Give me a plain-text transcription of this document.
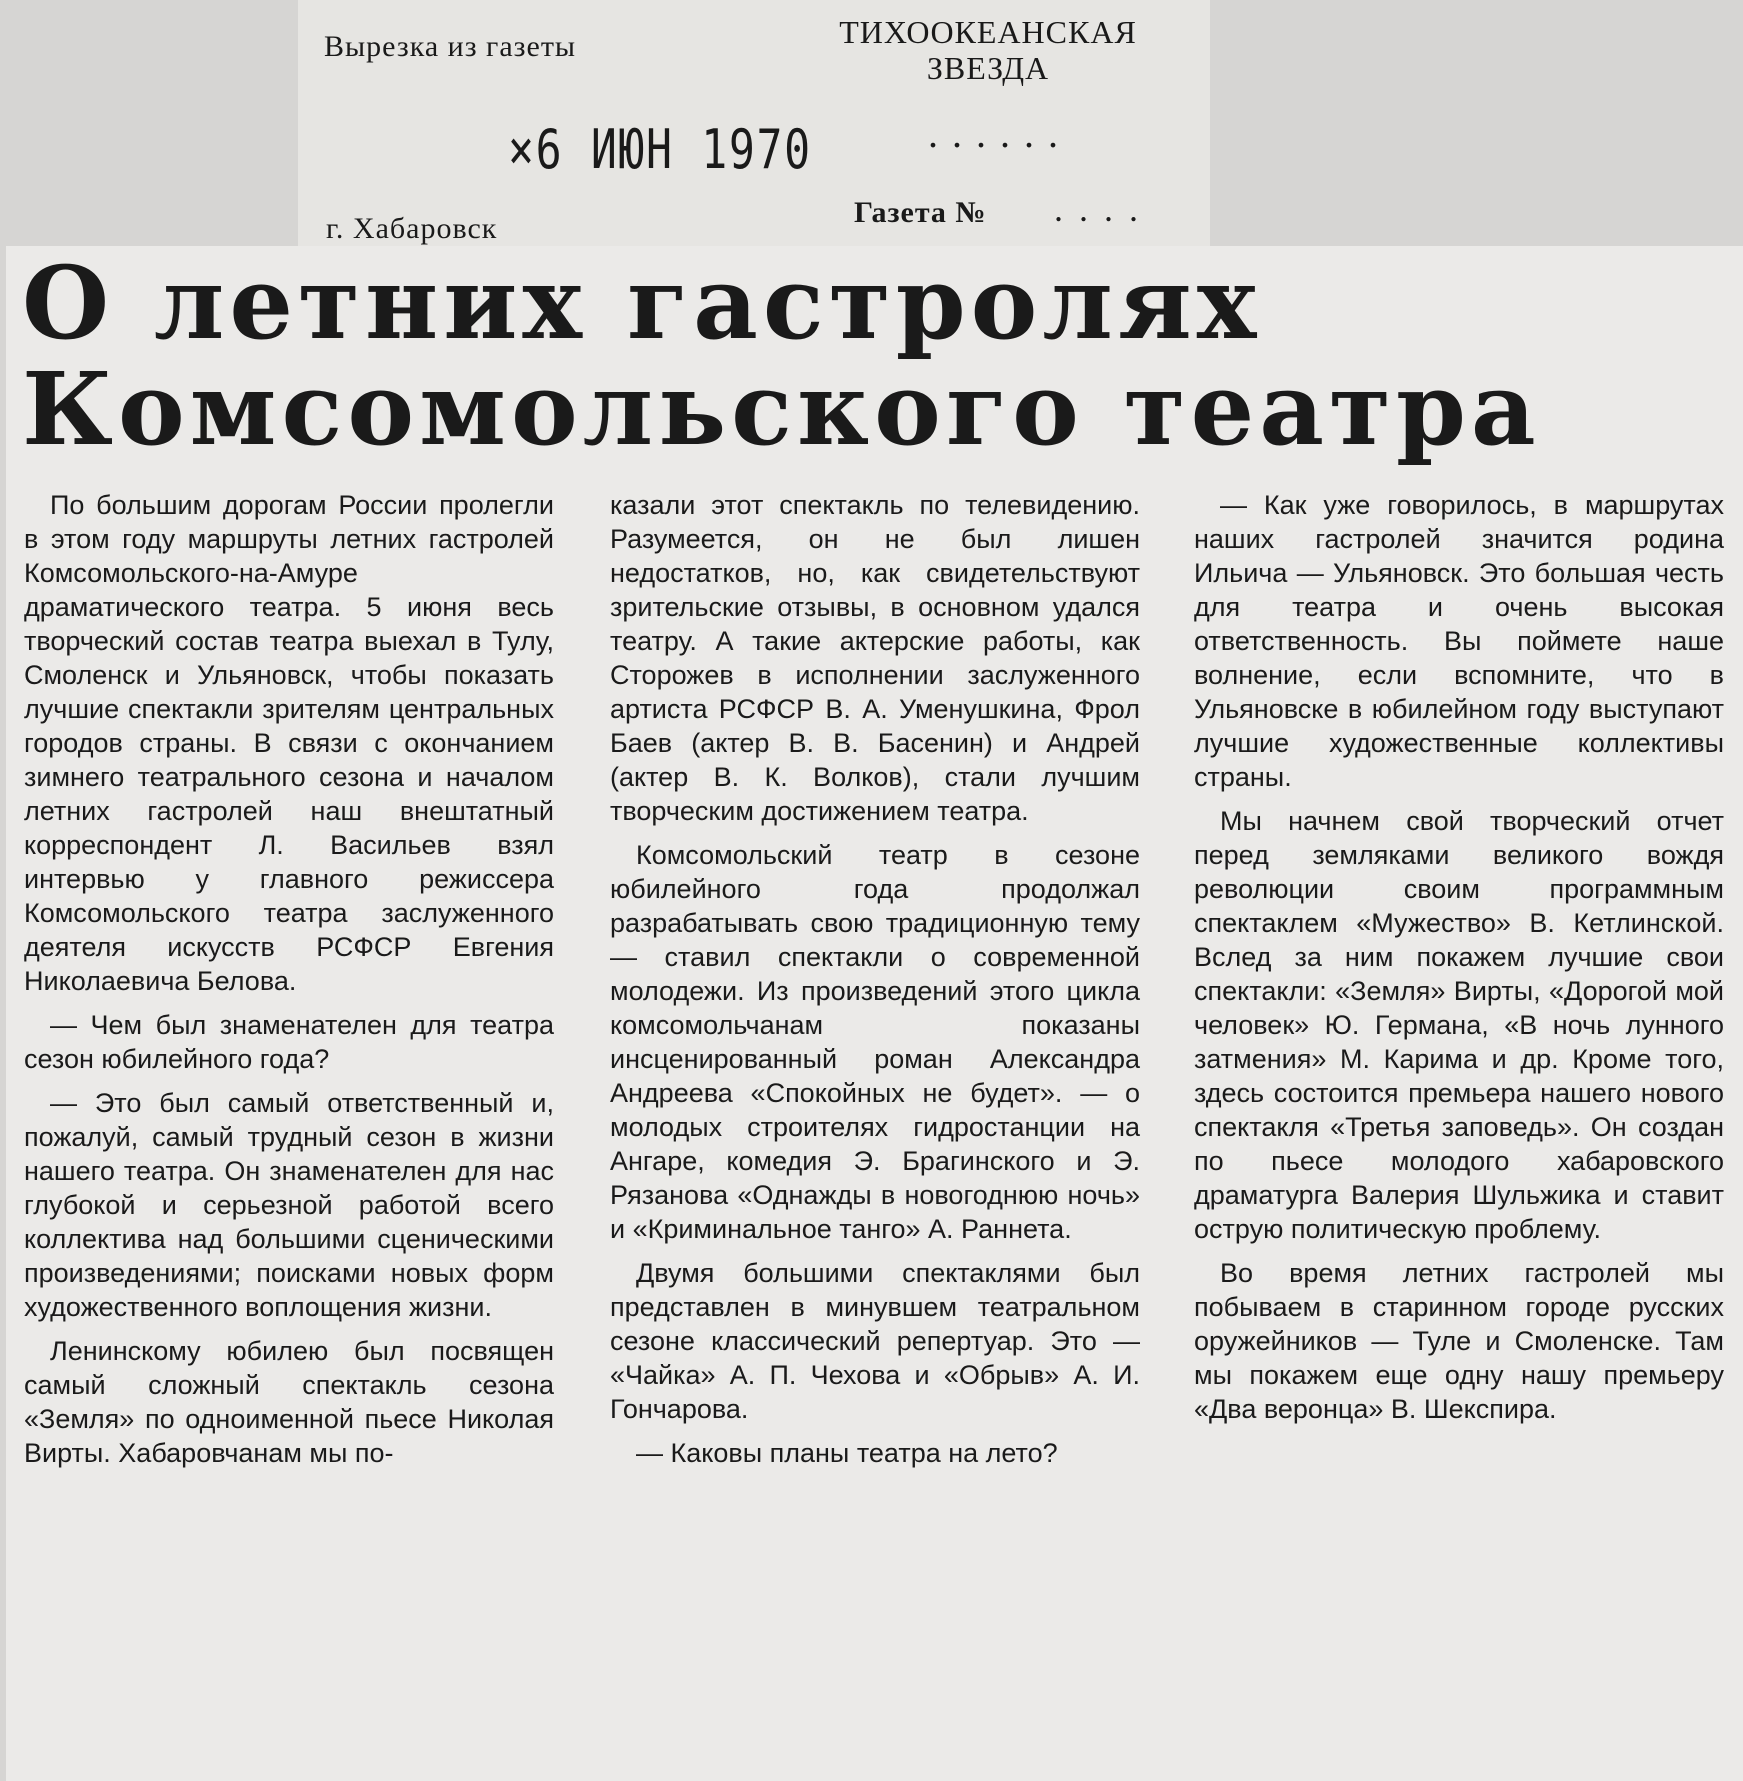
Вырезка из газеты	ТИХООКЕАНСКАЯ ЗВЕЗДА
×6 ИЮН 1970	......
г. Хабаровск	Газета № ....
О летних гастролях
Комсомольского театра

По большим дорогам России пролегли в этом году маршруты летних гастролей Комсомольского-на-Амуре драматического театра. 5 июня весь творческий состав театра выехал в Тулу, Смоленск и Ульяновск, чтобы показать лучшие спектакли зрителям центральных городов страны. В связи с окончанием зимнего театрального сезона и началом летних гастролей наш внештатный корреспондент Л. Васильев взял интервью у главного режиссера Комсомольского театра заслуженного деятеля искусств РСФСР Евгения Николаевича Белова.

— Чем был знаменателен для театра сезон юбилейного года?

— Это был самый ответственный и, пожалуй, самый трудный сезон в жизни нашего театра. Он знаменателен для нас глубокой и серьезной работой всего коллектива над большими сценическими произведениями; поисками новых форм художественного воплощения жизни.

Ленинскому юбилею был посвящен самый сложный спектакль сезона «Земля» по одноименной пьесе Николая Вирты. Хабаровчанам мы по-

казали этот спектакль по телевидению. Разумеется, он не был лишен недостатков, но, как свидетельствуют зрительские отзывы, в основном удался театру. А такие актерские работы, как Сторожев в исполнении заслуженного артиста РСФСР В. А. Уменушкина, Фрол Баев (актер В. В. Басенин) и Андрей (актер В. К. Волков), стали лучшим творческим достижением театра.

Комсомольский театр в сезоне юбилейного года продолжал разрабатывать свою традиционную тему — ставил спектакли о современной молодежи. Из произведений этого цикла комсомольчанам показаны инсценированный роман Александра Андреева «Спокойных не будет». — о молодых строителях гидростанции на Ангаре, комедия Э. Брагинского и Э. Рязанова «Однажды в новогоднюю ночь» и «Криминальное танго» А. Раннета.

Двумя большими спектаклями был представлен в минувшем театральном сезоне классический репертуар. Это — «Чайка» А. П. Чехова и «Обрыв» А. И. Гончарова.

— Каковы планы театра на лето?

— Как уже говорилось, в маршрутах наших гастролей значится родина Ильича — Ульяновск. Это большая честь для театра и очень высокая ответственность. Вы поймете наше волнение, если вспомните, что в Ульяновске в юбилейном году выступают лучшие художественные коллективы страны.

Мы начнем свой творческий отчет перед земляками великого вождя революции своим программным спектаклем «Мужество» В. Кетлинской. Вслед за ним покажем лучшие свои спектакли: «Земля» Вирты, «Дорогой мой человек» Ю. Германа, «В ночь лунного затмения» М. Карима и др. Кроме того, здесь состоится премьера нашего нового спектакля «Третья заповедь». Он создан по пьесе молодого хабаровского драматурга Валерия Шульжика и ставит острую политическую проблему.

Во время летних гастролей мы побываем в старинном городе русских оружейников — Туле и Смоленске. Там мы покажем еще одну нашу премьеру «Два веронца» В. Шекспира.
